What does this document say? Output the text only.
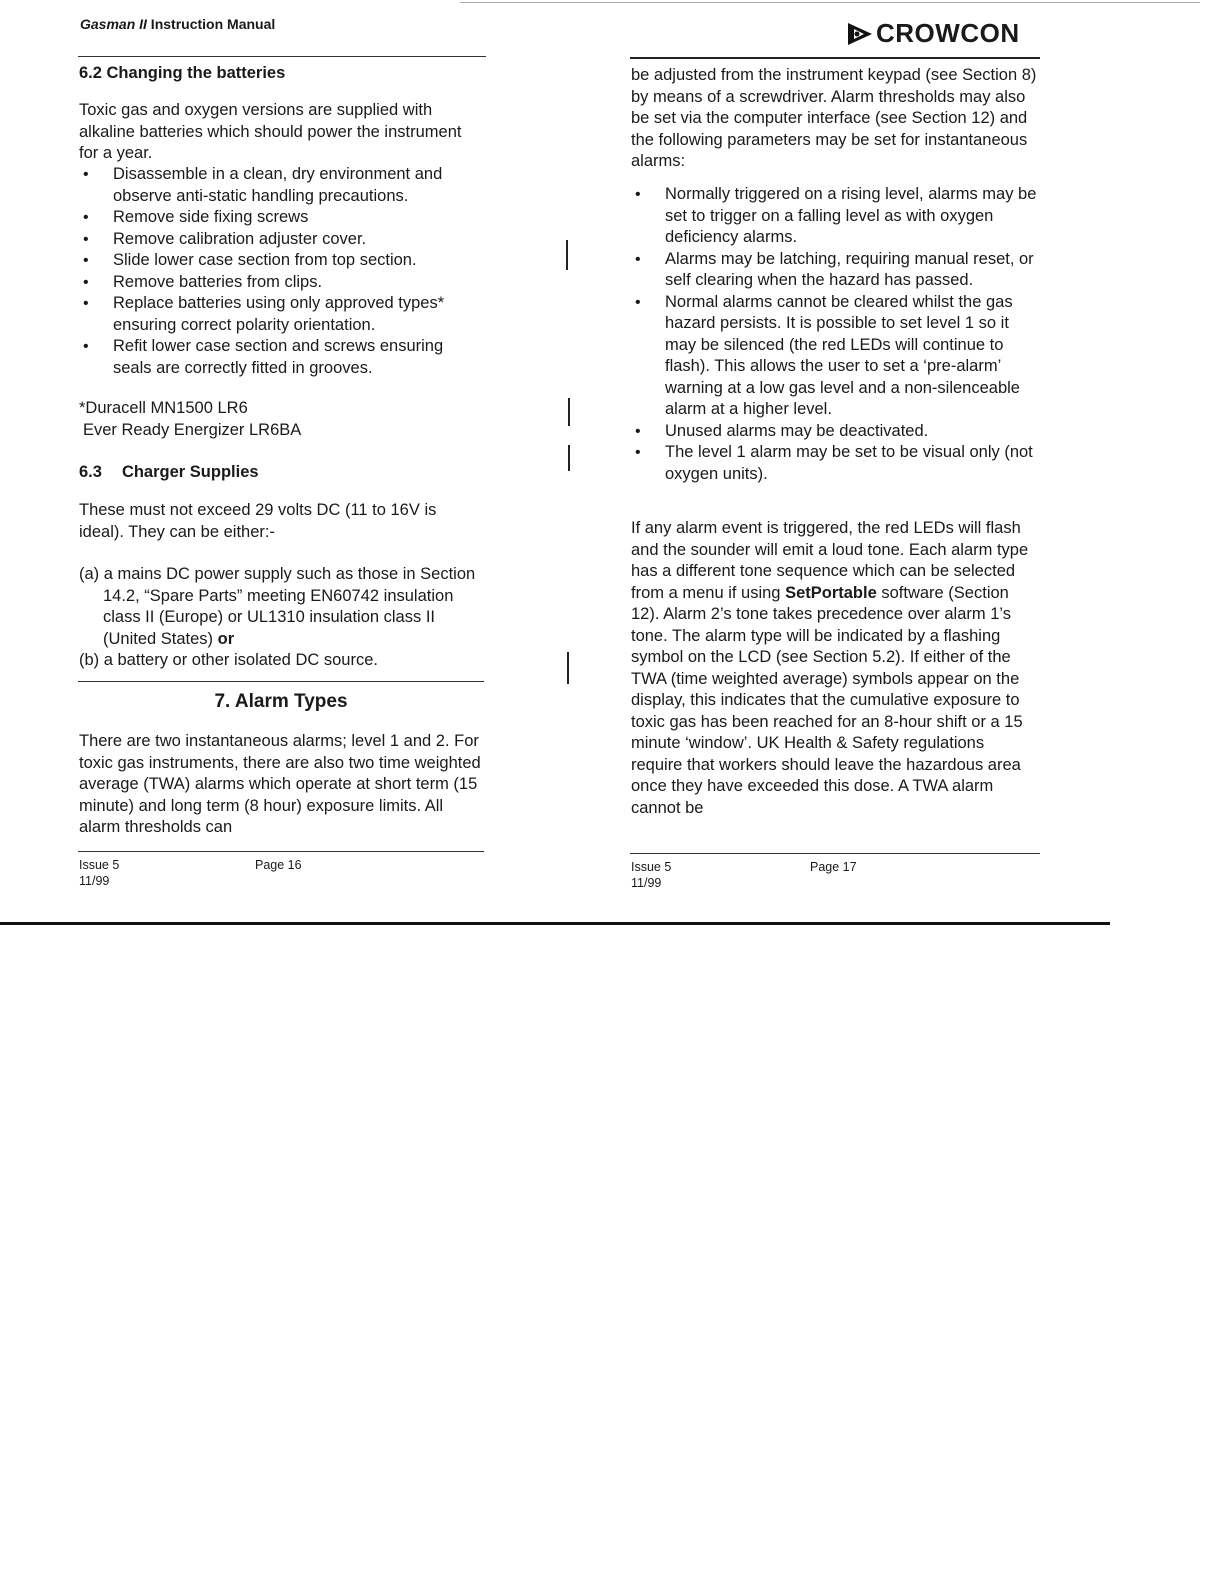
Gasman II Instruction Manual	CROWCON
6.2 Changing the batteries

Toxic gas and oxygen versions are supplied with alkaline batteries which should power the instrument for a year.

• Disassemble in a clean, dry environment and observe anti-static handling precautions.
• Remove side fixing screws
• Remove calibration adjuster cover.
• Slide lower case section from top section.
• Remove batteries from clips.
• Replace batteries using only approved types* ensuring correct polarity orientation.
• Refit lower case section and screws ensuring seals are correctly fitted in grooves.
*Duracell MN1500 LR6
Ever Ready Energizer LR6BA
6.3 Charger Supplies

These must not exceed 29 volts DC (11 to 16V is ideal). They can be either:-

(a) a mains DC power supply such as those in Section 14.2, “Spare Parts” meeting EN60742 insulation class II (Europe) or UL1310 insulation class II (United States) or

(b) a battery or other isolated DC source.

7. Alarm Types

There are two instantaneous alarms; level 1 and 2. For toxic gas instruments, there are also two time weighted average (TWA) alarms which operate at short term (15 minute) and long term (8 hour) exposure limits. All alarm thresholds can

Issue 5
11/99
Page 16

be adjusted from the instrument keypad (see Section 8) by means of a screwdriver. Alarm thresholds may also be set via the computer interface (see Section 12) and the following parameters may be set for instantaneous alarms:

• Normally triggered on a rising level, alarms may be set to trigger on a falling level as with oxygen deficiency alarms.
• Alarms may be latching, requiring manual reset, or self clearing when the hazard has passed.
• Normal alarms cannot be cleared whilst the gas hazard persists. It is possible to set level 1 so it may be silenced (the red LEDs will continue to flash). This allows the user to set a ‘pre-alarm’ warning at a low gas level and a non-silenceable alarm at a higher level.
• Unused alarms may be deactivated.
• The level 1 alarm may be set to be visual only (not oxygen units).

If any alarm event is triggered, the red LEDs will flash and the sounder will emit a loud tone. Each alarm type has a different tone sequence which can be selected from a menu if using SetPortable software (Section 12). Alarm 2’s tone takes precedence over alarm 1’s tone. The alarm type will be indicated by a flashing symbol on the LCD (see Section 5.2). If either of the TWA (time weighted average) symbols appear on the display, this indicates that the cumulative exposure to toxic gas has been reached for an 8-hour shift or a 15 minute ‘window’. UK Health & Safety regulations require that workers should leave the hazardous area once they have exceeded this dose. A TWA alarm cannot be

Issue 5
11/99
Page 17
